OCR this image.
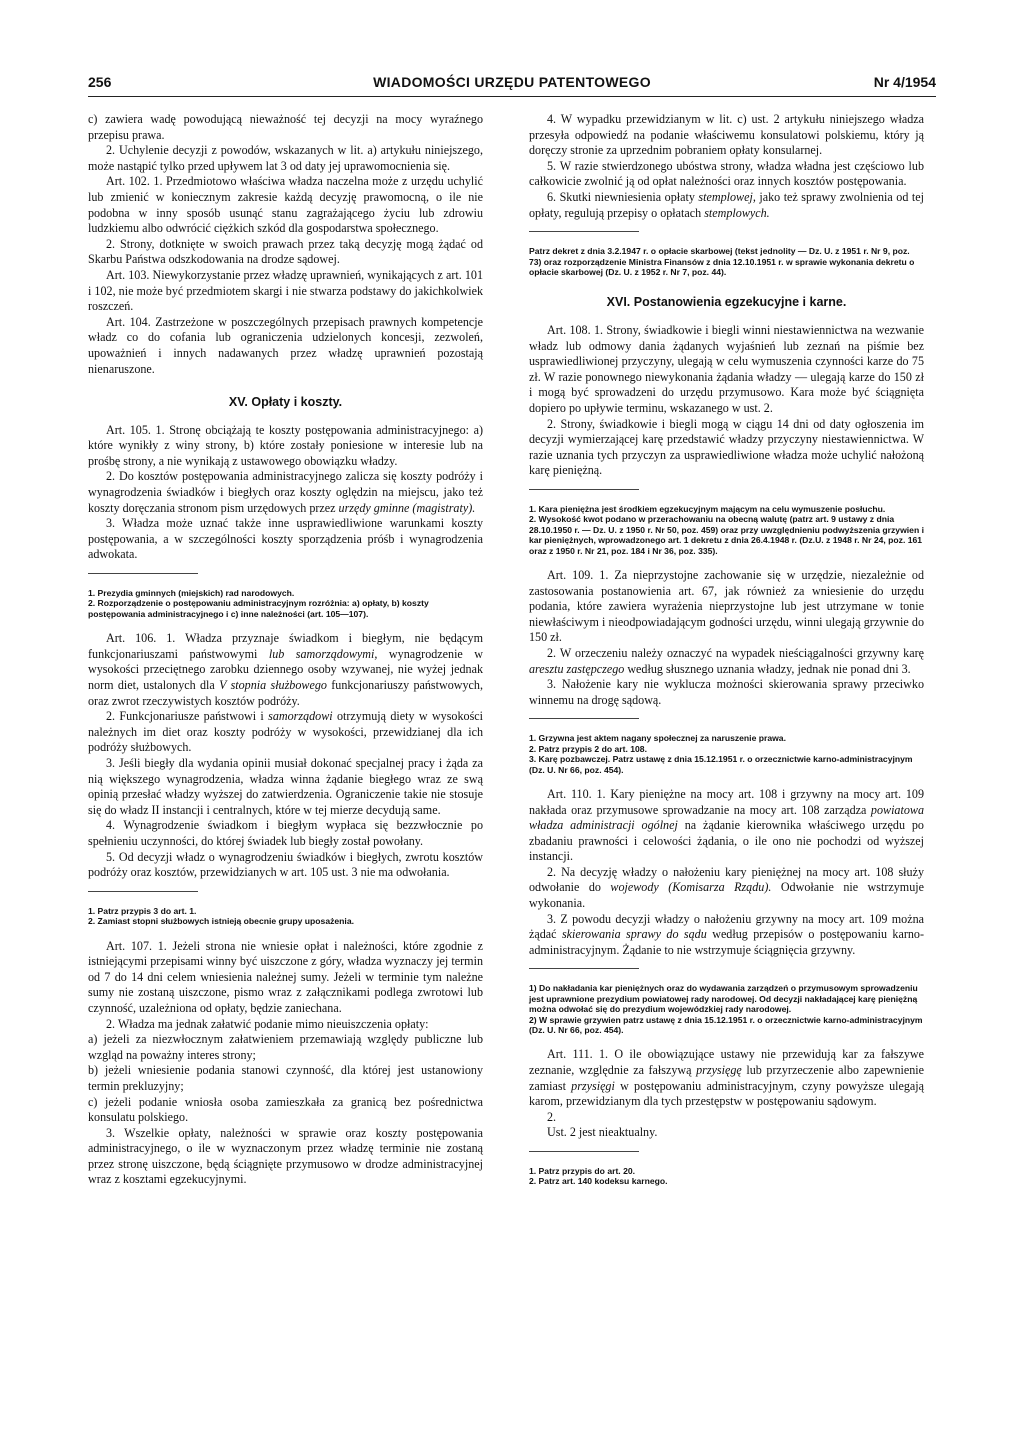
256	WIADOMOŚCI URZĘDU PATENTOWEGO	Nr 4/1954

c) zawiera wadę powodującą nieważność tej decyzji na mocy wyraźnego przepisu prawa.

2. Uchylenie decyzji z powodów, wskazanych w lit. a) artykułu niniejszego, może nastąpić tylko przed upływem lat 3 od daty jej uprawomocnienia się.

Art. 102. 1. Przedmiotowo właściwa władza naczelna może z urzędu uchylić lub zmienić w koniecznym zakresie każdą decyzję prawomocną, o ile nie podobna w inny sposób usunąć stanu zagrażającego życiu lub zdrowiu ludzkiemu albo odwrócić ciężkich szkód dla gospodarstwa społecznego.

2. Strony, dotknięte w swoich prawach przez taką decyzję mogą żądać od Skarbu Państwa odszkodowania na drodze sądowej.

Art. 103. Niewykorzystanie przez władzę uprawnień, wynikających z art. 101 i 102, nie może być przedmiotem skargi i nie stwarza podstawy do jakichkolwiek roszczeń.

Art. 104. Zastrzeżone w poszczególnych przepisach prawnych kompetencje władz co do cofania lub ograniczenia udzielonych koncesji, zezwoleń, upoważnień i innych nadawanych przez władzę uprawnień pozostają nienaruszone.

XV. Opłaty i koszty.

Art. 105. 1. Stronę obciążają te koszty postępowania administracyjnego: a) które wynikły z winy strony, b) które zostały poniesione w interesie lub na prośbę strony, a nie wynikają z ustawowego obowiązku władzy.

2. Do kosztów postępowania administracyjnego zalicza się koszty podróży i wynagrodzenia świadków i biegłych oraz koszty oględzin na miejscu, jako też koszty doręczania stronom pism urzędowych przez urzędy gminne (magistraty).

3. Władza może uznać także inne usprawiedliwione warunkami koszty postępowania, a w szczególności koszty sporządzenia próśb i wynagrodzenia adwokata.

1. Prezydia gminnych (miejskich) rad narodowych.
2. Rozporządzenie o postępowaniu administracyjnym rozróżnia: a) opłaty, b) koszty postępowania administracyjnego i c) inne należności (art. 105—107).

Art. 106. 1. Władza przyznaje świadkom i biegłym, nie będącym funkcjonariuszami państwowymi lub samorządowymi, wynagrodzenie w wysokości przeciętnego zarobku dziennego osoby wzywanej, nie wyżej jednak norm diet, ustalonych dla V stopnia służbowego funkcjonariuszy państwowych, oraz zwrot rzeczywistych kosztów podróży.

2. Funkcjonariusze państwowi i samorządowi otrzymują diety w wysokości należnych im diet oraz koszty podróży w wysokości, przewidzianej dla ich podróży służbowych.

3. Jeśli biegły dla wydania opinii musiał dokonać specjalnej pracy i żąda za nią większego wynagrodzenia, władza winna żądanie biegłego wraz ze swą opinią przesłać władzy wyższej do zatwierdzenia. Ograniczenie takie nie stosuje się do władz II instancji i centralnych, które w tej mierze decydują same.

4. Wynagrodzenie świadkom i biegłym wypłaca się bezzwłocznie po spełnieniu uczynności, do której świadek lub biegły został powołany.

5. Od decyzji władz o wynagrodzeniu świadków i biegłych, zwrotu kosztów podróży oraz kosztów, przewidzianych w art. 105 ust. 3 nie ma odwołania.

1. Patrz przypis 3 do art. 1.
2. Zamiast stopni służbowych istnieją obecnie grupy uposażenia.

Art. 107. 1. Jeżeli strona nie wniesie opłat i należności, które zgodnie z istniejącymi przepisami winny być uiszczone z góry, władza wyznaczy jej termin od 7 do 14 dni celem wniesienia należnej sumy. Jeżeli w terminie tym należne sumy nie zostaną uiszczone, pismo wraz z załącznikami podlega zwrotowi lub czynność, uzależniona od opłaty, będzie zaniechana.

2. Władza ma jednak załatwić podanie mimo nieuiszczenia opłaty:

a) jeżeli za niezwłocznym załatwieniem przemawiają względy publiczne lub wzgląd na poważny interes strony;

b) jeżeli wniesienie podania stanowi czynność, dla której jest ustanowiony termin prekluzyjny;

c) jeżeli podanie wniosła osoba zamieszkała za granicą bez pośrednictwa konsulatu polskiego.

3. Wszelkie opłaty, należności w sprawie oraz koszty postępowania administracyjnego, o ile w wyznaczonym przez władzę terminie nie zostaną przez stronę uiszczone, będą ściągnięte przymusowo w drodze administracyjnej wraz z kosztami egzekucyjnymi.

4. W wypadku przewidzianym w lit. c) ust. 2 artykułu niniejszego władza przesyła odpowiedź na podanie właściwemu konsulatowi polskiemu, który ją doręczy stronie za uprzednim pobraniem opłaty konsularnej.

5. W razie stwierdzonego ubóstwa strony, władza władna jest częściowo lub całkowicie zwolnić ją od opłat należności oraz innych kosztów postępowania.

6. Skutki niewniesienia opłaty stemplowej, jako też sprawy zwolnienia od tej opłaty, regulują przepisy o opłatach stemplowych.

Patrz dekret z dnia 3.2.1947 r. o opłacie skarbowej (tekst jednolity — Dz. U. z 1951 r. Nr 9, poz. 73) oraz rozporządzenie Ministra Finansów z dnia 12.10.1951 r. w sprawie wykonania dekretu o opłacie skarbowej (Dz. U. z 1952 r. Nr 7, poz. 44).
XVI. Postanowienia egzekucyjne i karne.

Art. 108. 1. Strony, świadkowie i biegli winni niestawiennictwa na wezwanie władz lub odmowy dania żądanych wyjaśnień lub zeznań na piśmie bez usprawiedliwionej przyczyny, ulegają w celu wymuszenia czynności karze do 75 zł. W razie ponownego niewykonania żądania władzy — ulegają karze do 150 zł i mogą być sprowadzeni do urzędu przymusowo. Kara może być ściągnięta dopiero po upływie terminu, wskazanego w ust. 2.

2. Strony, świadkowie i biegli mogą w ciągu 14 dni od daty ogłoszenia im decyzji wymierzającej karę przedstawić władzy przyczyny niestawiennictwa. W razie uznania tych przyczyn za usprawiedliwione władza może uchylić nałożoną karę pieniężną.

1. Kara pieniężna jest środkiem egzekucyjnym mającym na celu wymuszenie posłuchu.
2. Wysokość kwot podano w przerachowaniu na obecną walutę (patrz art. 9 ustawy z dnia 28.10.1950 r. — Dz. U. z 1950 r. Nr 50, poz. 459) oraz przy uwzględnieniu podwyższenia grzywien i kar pieniężnych, wprowadzonego art. 1 dekretu z dnia 26.4.1948 r. (Dz.U. z 1948 r. Nr 24, poz. 161 oraz z 1950 r. Nr 21, poz. 184 i Nr 36, poz. 335).

Art. 109. 1. Za nieprzystojne zachowanie się w urzędzie, niezależnie od zastosowania postanowienia art. 67, jak również za wniesienie do urzędu podania, które zawiera wyrażenia nieprzystojne lub jest utrzymane w tonie niewłaściwym i nieodpowiadającym godności urzędu, winni ulegają grzywnie do 150 zł.

2. W orzeczeniu należy oznaczyć na wypadek nieściągalności grzywny karę aresztu zastępczego według słusznego uznania władzy, jednak nie ponad dni 3.

3. Nałożenie kary nie wyklucza możności skierowania sprawy przeciwko winnemu na drogę sądową.

1. Grzywna jest aktem nagany społecznej za naruszenie prawa.
2. Patrz przypis 2 do art. 108.
3. Karę pozbawczej. Patrz ustawę z dnia 15.12.1951 r. o orzecznictwie karno-administracyjnym (Dz. U. Nr 66, poz. 454).

Art. 110. 1. Kary pieniężne na mocy art. 108 i grzywny na mocy art. 109 nakłada oraz przymusowe sprowadzanie na mocy art. 108 zarządza powiatowa władza administracji ogólnej na żądanie kierownika właściwego urzędu po zbadaniu prawności i celowości żądania, o ile ono nie pochodzi od wyższej instancji.

2. Na decyzję władzy o nałożeniu kary pieniężnej na mocy art. 108 służy odwołanie do wojewody (Komisarza Rządu). Odwołanie nie wstrzymuje wykonania.

3. Z powodu decyzji władzy o nałożeniu grzywny na mocy art. 109 można żądać skierowania sprawy do sądu według przepisów o postępowaniu karno-administracyjnym. Żądanie to nie wstrzymuje ściągnięcia grzywny.

1) Do nakładania kar pieniężnych oraz do wydawania zarządzeń o przymusowym sprowadzeniu jest uprawnione prezydium powiatowej rady narodowej. Od decyzji nakładającej karę pieniężną można odwołać się do prezydium wojewódzkiej rady narodowej.
2) W sprawie grzywien patrz ustawę z dnia 15.12.1951 r. o orzecznictwie karno-administracyjnym (Dz. U. Nr 66, poz. 454).

Art. 111. 1. O ile obowiązujące ustawy nie przewidują kar za fałszywe zeznanie, względnie za fałszywą przysięgę lub przyrzeczenie albo zapewnienie zamiast przysięgi w postępowaniu administracyjnym, czyny powyższe ulegają karom, przewidzianym dla tych przestępstw w postępowaniu sądowym.

2.

Ust. 2 jest nieaktualny.

1. Patrz przypis do art. 20.
2. Patrz art. 140 kodeksu karnego.
